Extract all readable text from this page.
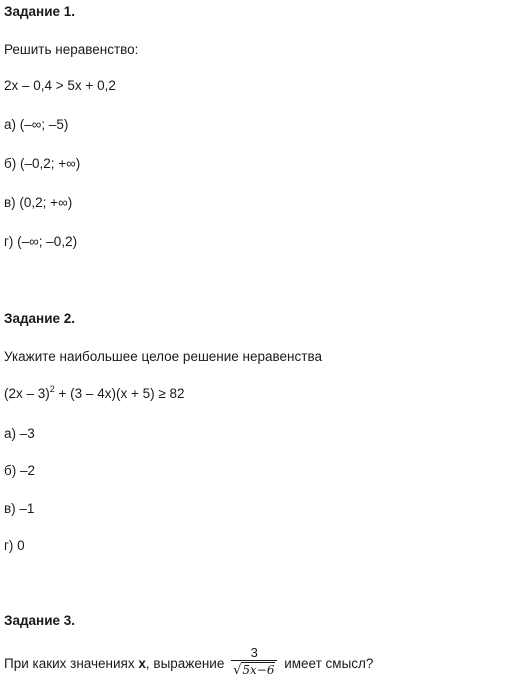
Задание 1.
Решить неравенство:
2x – 0,4 > 5x + 0,2
а) (–∞; –5)
б) (–0,2; +∞)
в) (0,2; +∞)
г) (–∞; –0,2)
Задание 2.
Укажите наибольшее целое решение неравенства
(2x – 3)$^2$ + (3 – 4x)(x + 5) ≥ 82
а) –3
б) –2
в) –1
г) 0
Задание 3.
При каких значениях x, выражение $\frac{3}{√5x-6}$ имеет смысл?
